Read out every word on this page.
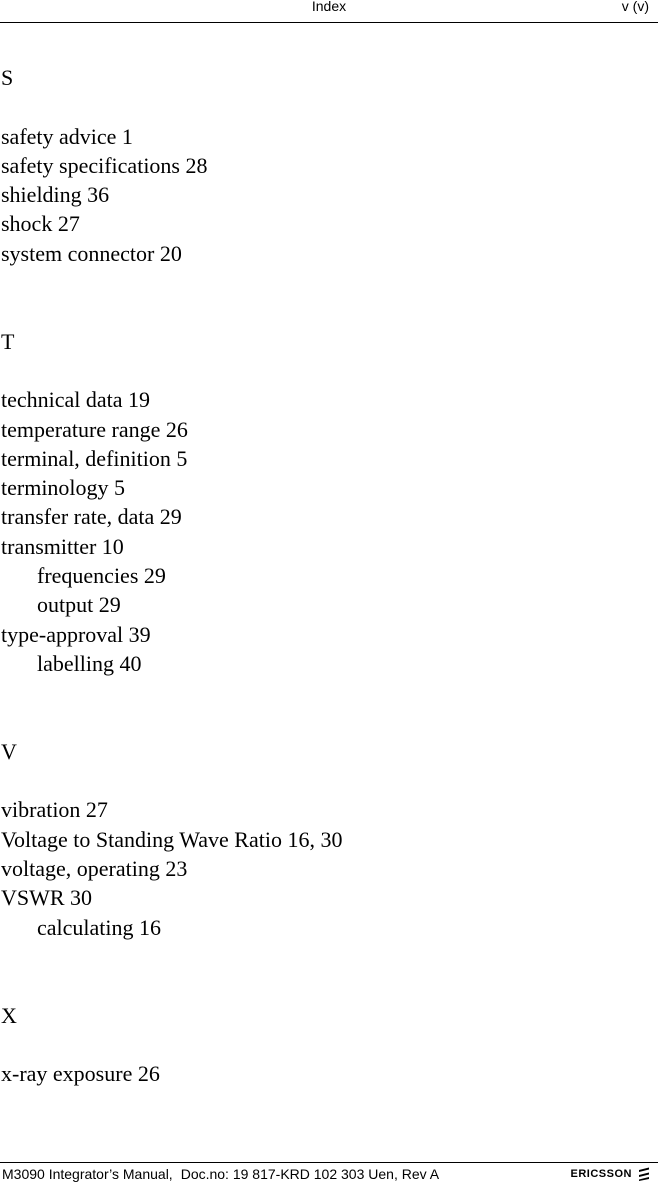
Index	v (v)
S
safety advice 1
safety specifications 28
shielding 36
shock 27
system connector 20
T
technical data 19
temperature range 26
terminal, definition 5
terminology 5
transfer rate, data 29
transmitter 10
frequencies 29
output 29
type-approval 39
labelling 40
V
vibration 27
Voltage to Standing Wave Ratio 16, 30
voltage, operating 23
VSWR 30
calculating 16
X
x-ray exposure 26
M3090 Integrator’s Manual, Doc.no: 19 817-KRD 102 303 Uen, Rev A	ERICSSON
